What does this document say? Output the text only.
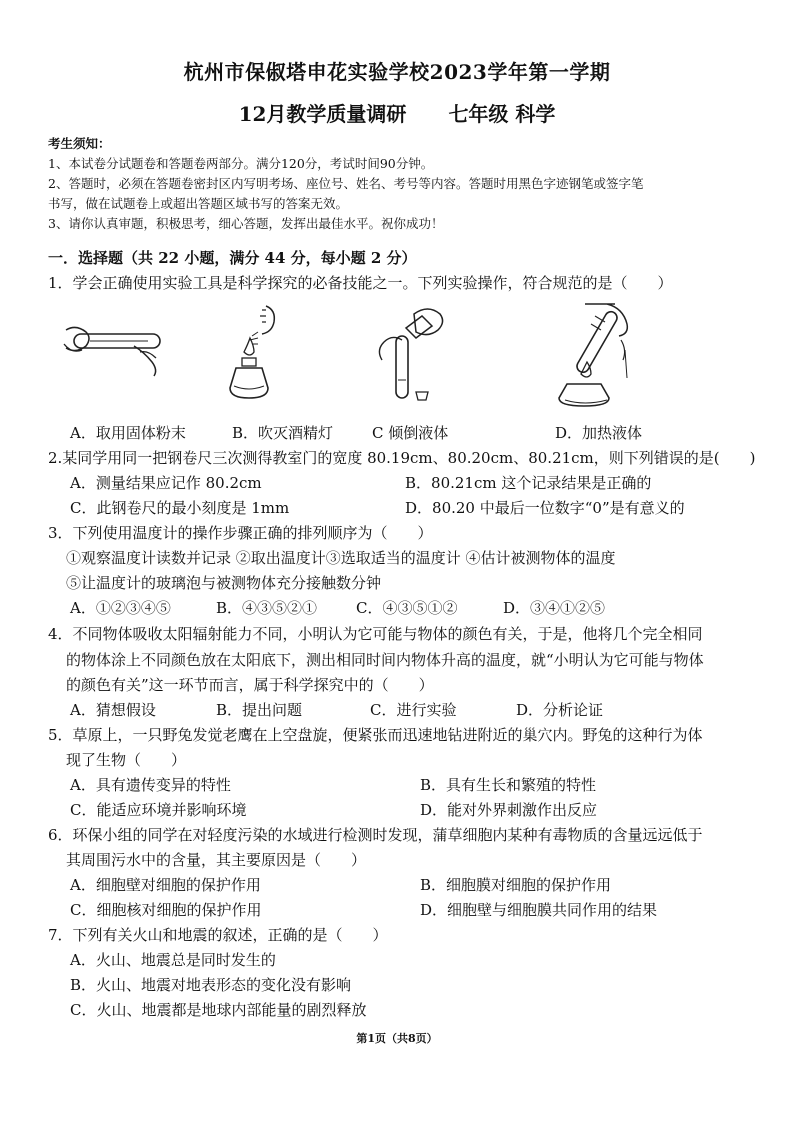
杭州市保俶塔申花实验学校2023学年第一学期
12月教学质量调研 七年级 科学
考生须知：
1、本试卷分试题卷和答题卷两部分。满分120分，考试时间90分钟。
2、答题时，必须在答题卷密封区内写明考场、座位号、姓名、考号等内容。答题时用黑色字迹钢笔或签字笔
书写，做在试题卷上或超出答题区域书写的答案无效。
3、请你认真审题，积极思考，细心答题，发挥出最佳水平。祝你成功！
一．选择题（共 22 小题，满分 44 分，每小题 2 分）
1．学会正确使用实验工具是科学探究的必备技能之一。下列实验操作，符合规范的是（　　）
A．取用固体粉末	B．吹灭酒精灯	C 倾倒液体	D．加热液体
2.某同学用同一把钢卷尺三次测得教室门的宽度 80.19cm、80.20cm、80.21cm，则下列错误的是(　　)
A．测量结果应记作 80.2cm	B．80.21cm 这个记录结果是正确的
C．此钢卷尺的最小刻度是 1mm	D．80.20 中最后一位数字“0”是有意义的
3．下列使用温度计的操作步骤正确的排列顺序为（　　）
①观察温度计读数并记录 ②取出温度计③选取适当的温度计 ④估计被测物体的温度
⑤让温度计的玻璃泡与被测物体充分接触数分钟
A．①②③④⑤	B．④③⑤②①	C．④③⑤①②	D．③④①②⑤
4．不同物体吸收太阳辐射能力不同，小明认为它可能与物体的颜色有关，于是，他将几个完全相同
的物体涂上不同颜色放在太阳底下，测出相同时间内物体升高的温度，就“小明认为它可能与物体
的颜色有关”这一环节而言，属于科学探究中的（　　）
A．猜想假设	B．提出问题	C．进行实验	D．分析论证
5．草原上，一只野兔发觉老鹰在上空盘旋，便紧张而迅速地钻进附近的巢穴内。野兔的这种行为体
现了生物（　　）
A．具有遗传变异的特性	B．具有生长和繁殖的特性
C．能适应环境并影响环境	D．能对外界刺激作出反应
6．环保小组的同学在对轻度污染的水域进行检测时发现，蒲草细胞内某种有毒物质的含量远远低于
其周围污水中的含量，其主要原因是（　　）
A．细胞壁对细胞的保护作用	B．细胞膜对细胞的保护作用
C．细胞核对细胞的保护作用	D．细胞壁与细胞膜共同作用的结果
7．下列有关火山和地震的叙述，正确的是（　　）
A．火山、地震总是同时发生的
B．火山、地震对地表形态的变化没有影响
C．火山、地震都是地球内部能量的剧烈释放
第1页（共8页）
